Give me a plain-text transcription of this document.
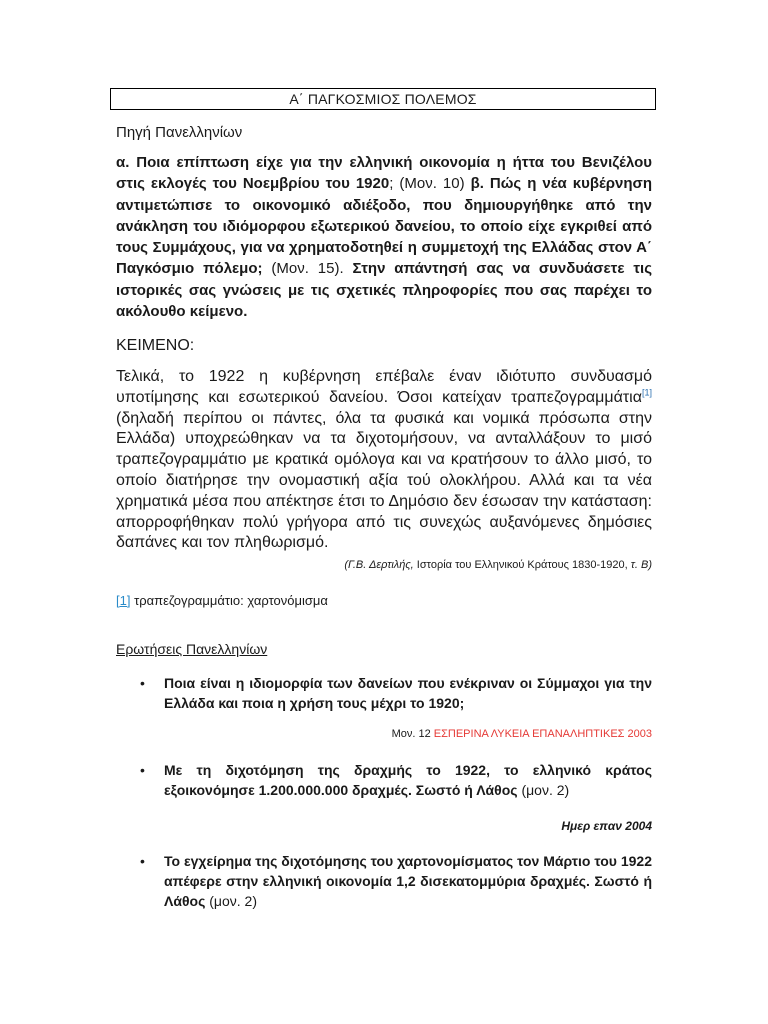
Α΄ ΠΑΓΚΟΣΜΙΟΣ ΠΟΛΕΜΟΣ
Πηγή Πανελληνίων
α. Ποια επίπτωση είχε για την ελληνική οικονομία η ήττα του Βενιζέλου στις εκλογές του Νοεμβρίου του 1920; (Μον. 10) β. Πώς η νέα κυβέρνηση αντιμετώπισε το οικονομικό αδιέξοδο, που δημιουργήθηκε από την ανάκληση του ιδιόμορφου εξωτερικού δανείου, το οποίο είχε εγκριθεί από τους Συμμάχους, για να χρηματοδοτηθεί η συμμετοχή της Ελλάδας στον Α΄ Παγκόσμιο πόλεμο; (Μον. 15). Στην απάντησή σας να συνδυάσετε τις ιστορικές σας γνώσεις με τις σχετικές πληροφορίες που σας παρέχει το ακόλουθο κείμενο.
ΚΕΙΜΕΝΟ:
Τελικά, το 1922 η κυβέρνηση επέβαλε έναν ιδιότυπο συνδυασμό υποτίμησης και εσωτερικού δανείου. Όσοι κατείχαν τραπεζογραμμάτια[1] (δηλαδή περίπου οι πάντες, όλα τα φυσικά και νομικά πρόσωπα στην Ελλάδα) υποχρεώθηκαν να τα διχοτομήσουν, να ανταλλάξουν το μισό τραπεζογραμμάτιο με κρατικά ομόλογα και να κρατήσουν το άλλο μισό, το οποίο διατήρησε την ονομαστική αξία τού ολοκλήρου. Αλλά και τα νέα χρηματικά μέσα που απέκτησε έτσι το Δημόσιο δεν έσωσαν την κατάσταση: απορροφήθηκαν πολύ γρήγορα από τις συνεχώς αυξανόμενες δημόσιες δαπάνες και τον πληθωρισμό.
(Γ.Β. Δερτιλής, Ιστορία του Ελληνικού Κράτους 1830-1920, τ. Β)
[1] τραπεζογραμμάτιο: χαρτονόμισμα
Ερωτήσεις Πανελληνίων
• Ποια είναι η ιδιομορφία των δανείων που ενέκριναν οι Σύμμαχοι για την Ελλάδα και ποια η χρήση τους μέχρι το 1920;
Μον. 12 ΕΣΠΕΡΙΝΑ ΛΥΚΕΙΑ ΕΠΑΝΑΛΗΠΤΙΚΕΣ 2003
• Με τη διχοτόμηση της δραχμής το 1922, το ελληνικό κράτος εξοικονόμησε 1.200.000.000 δραχμές. Σωστό ή Λάθος (μον. 2)
Ημερ επαν 2004
• Το εγχείρημα της διχοτόμησης του χαρτονομίσματος τον Μάρτιο του 1922 απέφερε στην ελληνική οικονομία 1,2 δισεκατομμύρια δραχμές. Σωστό ή Λάθος (μον. 2)
